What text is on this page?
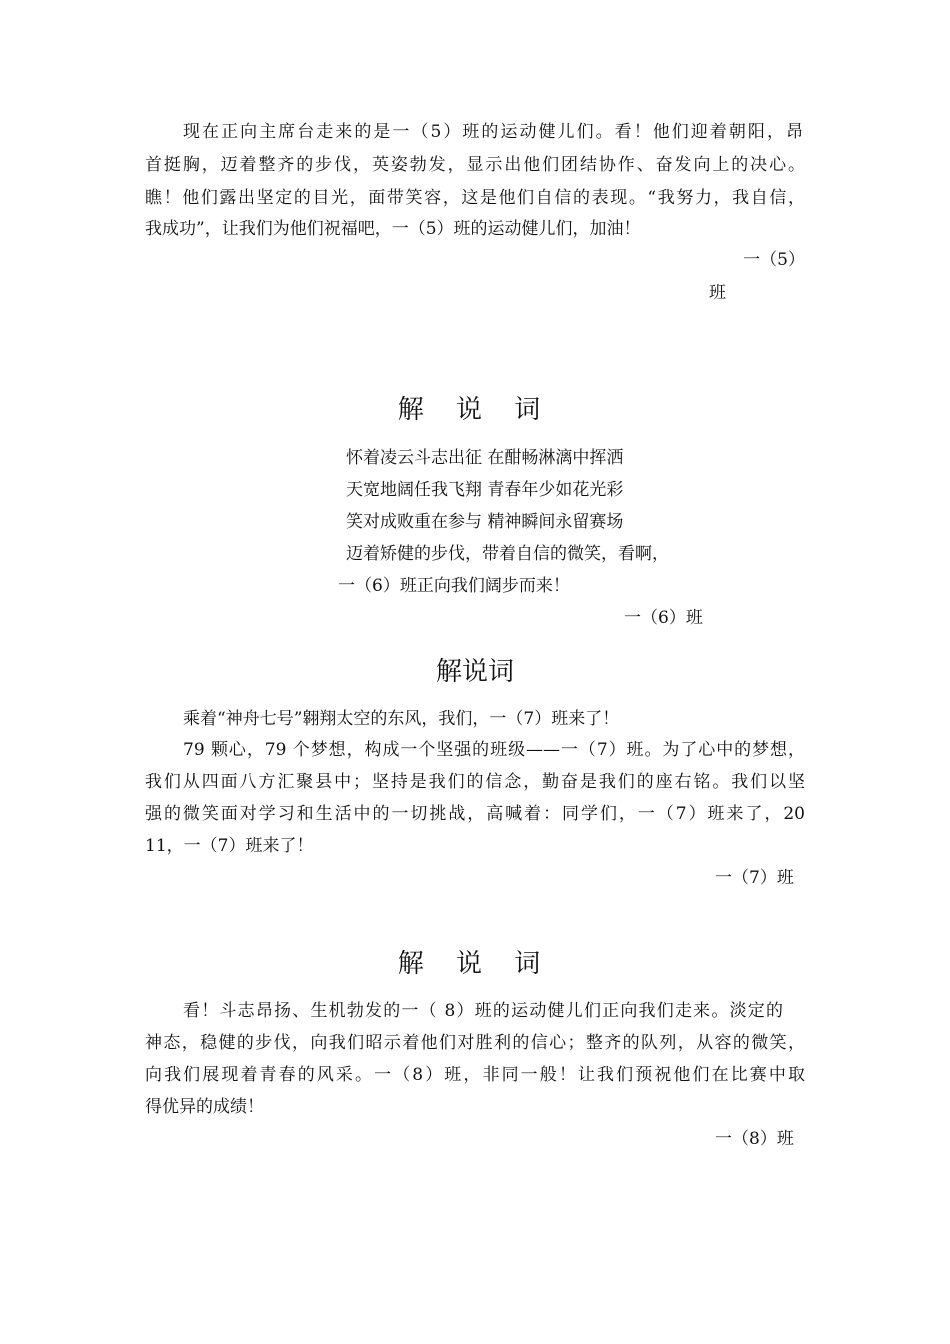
现在正向主席台走来的是一（5）班的运动健儿们。看！他们迎着朝阳，昂
首挺胸，迈着整齐的步伐，英姿勃发，显示出他们团结协作、奋发向上的决心。
瞧！他们露出坚定的目光，面带笑容，这是他们自信的表现。“我努力，我自信，
我成功”，让我们为他们祝福吧，一（5）班的运动健儿们，加油！
一（5）
班
解 说 词
怀着凌云斗志出征 在酣畅淋漓中挥洒
天宽地阔任我飞翔 青春年少如花光彩
笑对成败重在参与 精神瞬间永留赛场
迈着矫健的步伐，带着自信的微笑，看啊，
一（6）班正向我们阔步而来！
一（6）班
解说词
乘着“神舟七号”翱翔太空的东风，我们，一（7）班来了！
79 颗心，79 个梦想，构成一个坚强的班级——一（7）班。为了心中的梦想，
我们从四面八方汇聚县中；坚持是我们的信念，勤奋是我们的座右铭。我们以坚
强的微笑面对学习和生活中的一切挑战，高喊着：同学们，一（7）班来了，20
11，一（7）班来了！
一（7）班
解 说 词
看！斗志昂扬、生机勃发的一（ 8）班的运动健儿们正向我们走来。淡定的
神态，稳健的步伐，向我们昭示着他们对胜利的信心；整齐的队列，从容的微笑，
向我们展现着青春的风采。一（8）班，非同一般！让我们预祝他们在比赛中取
得优异的成绩！
一（8）班
